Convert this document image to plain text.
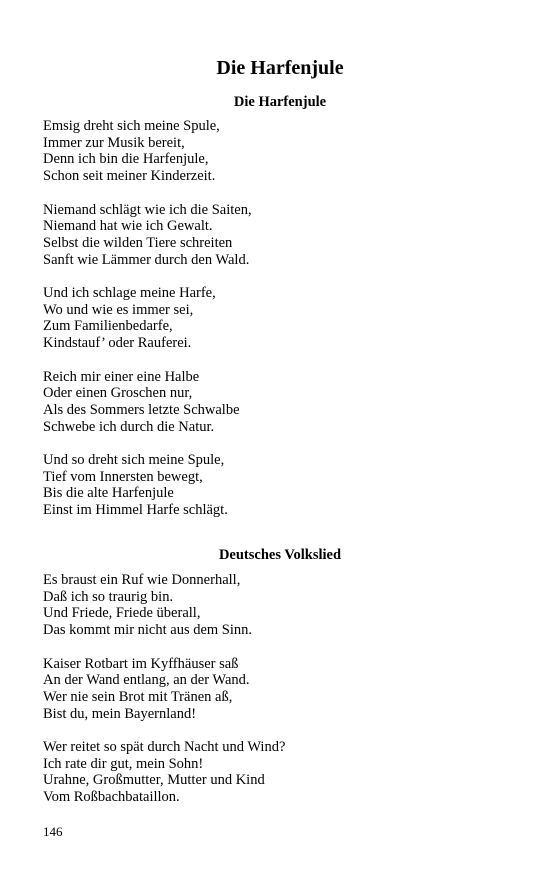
Die Harfenjule
Die Harfenjule
Emsig dreht sich meine Spule,
Immer zur Musik bereit,
Denn ich bin die Harfenjule,
Schon seit meiner Kinderzeit.
Niemand schlägt wie ich die Saiten,
Niemand hat wie ich Gewalt.
Selbst die wilden Tiere schreiten
Sanft wie Lämmer durch den Wald.
Und ich schlage meine Harfe,
Wo und wie es immer sei,
Zum Familienbedarfe,
Kindstauf’ oder Rauferei.
Reich mir einer eine Halbe
Oder einen Groschen nur,
Als des Sommers letzte Schwalbe
Schwebe ich durch die Natur.
Und so dreht sich meine Spule,
Tief vom Innersten bewegt,
Bis die alte Harfenjule
Einst im Himmel Harfe schlägt.
Deutsches Volkslied
Es braust ein Ruf wie Donnerhall,
Daß ich so traurig bin.
Und Friede, Friede überall,
Das kommt mir nicht aus dem Sinn.
Kaiser Rotbart im Kyffhäuser saß
An der Wand entlang, an der Wand.
Wer nie sein Brot mit Tränen aß,
Bist du, mein Bayernland!
Wer reitet so spät durch Nacht und Wind?
Ich rate dir gut, mein Sohn!
Urahne, Großmutter, Mutter und Kind
Vom Roßbachbataillon.
146
